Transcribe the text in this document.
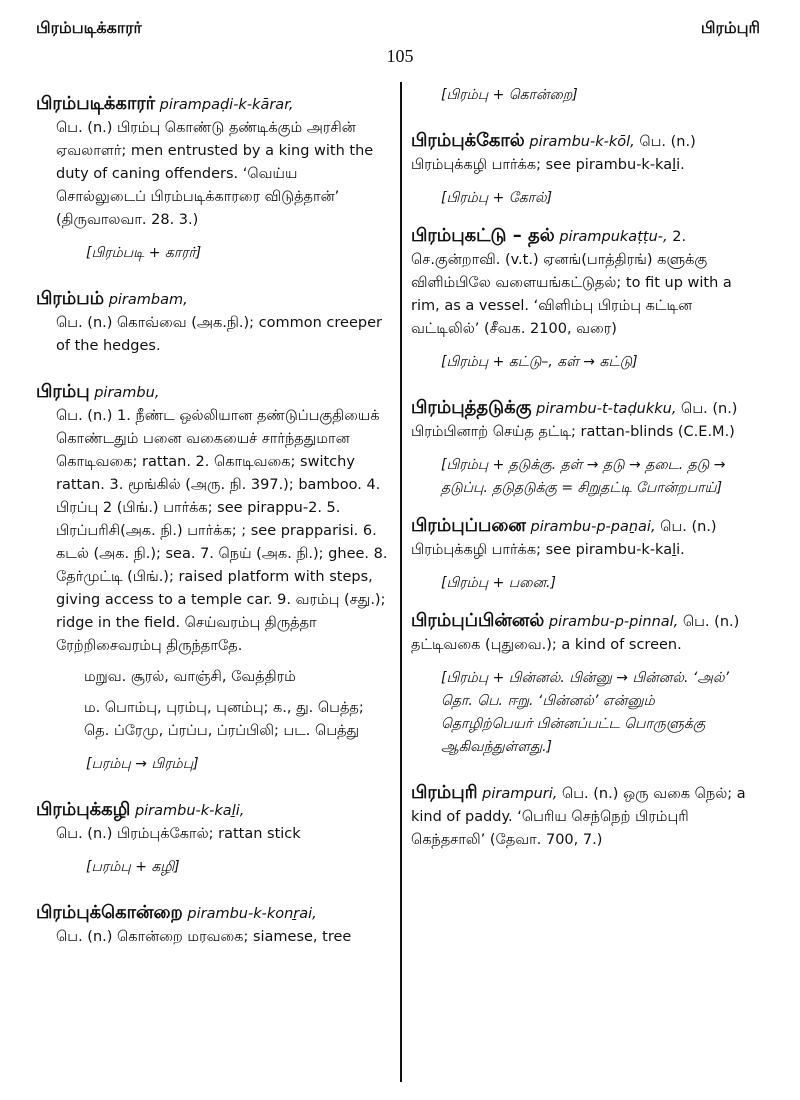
பிரம்படிக்காரர்
105
பிரம்புரி

பிரம்படிக்காரர் pirampaḍi-k-kārar,
பெ. (n.) பிரம்பு கொண்டு தண்டிக்கும் அரசின் ஏவலாளர்; men entrusted by a king with the duty of caning offenders. ‘வெய்ய சொல்லுடைப் பிரம்படிக்காரரை விடுத்தான்’ (திருவாலவா. 28. 3.)

[பிரம்படி + காரர்]

பிரம்பம் pirambam,
பெ. (n.) கொவ்வை (அக.நி.); common creeper of the hedges.

பிரம்பு pirambu,
பெ. (n.) 1. நீண்ட ஒல்லியான தண்டுப்பகுதியைக் கொண்டதும் பனை வகையைச் சார்ந்ததுமான கொடிவகை; rattan. 2. கொடிவகை; switchy rattan. 3. மூங்கில் (அரு. நி. 397.); bamboo. 4. பிரப்பு 2 (பிங்.) பார்க்க; see pirappu-2. 5. பிரப்பரிசி(அக. நி.) பார்க்க; ; see prapparisi. 6. கடல் (அக. நி.); sea. 7. நெய் (அக. நி.); ghee. 8. தேர்முட்டி (பிங்.); raised platform with steps, giving access to a temple car. 9. வரம்பு (சது.); ridge in the field. செய்வரம்பு திருத்தா ரேற்றிசைவரம்பு திருந்தாதே.

மறுவ. சூரல், வாஞ்சி, வேத்திரம்

ம. பொம்பு, புரம்பு, புனம்பு; க., து. பெத்த; தெ. ப்ரேமு, ப்ரப்ப, ப்ரப்பிலி; பட. பெத்து

[பரம்பு → பிரம்பு]

பிரம்புக்கழி pirambu-k-kaḻi,
பெ. (n.) பிரம்புக்கோல்; rattan stick

[பரம்பு + கழி]

பிரம்புக்கொன்றை pirambu-k-konṟai,
பெ. (n.) கொன்றை மரவகை; siamese, tree

[பிரம்பு + கொன்றை]

பிரம்புக்கோல் pirambu-k-kōl, பெ. (n.) பிரம்புக்கழி பார்க்க; see pirambu-k-kaḻi.

[பிரம்பு + கோல்]

பிரம்புகட்டு – தல் pirampukaṭṭu-, 2. செ.குன்றாவி. (v.t.) ஏனங்(பாத்திரங்) களுக்கு விளிம்பிலே வளையங்கட்டுதல்; to fit up with a rim, as a vessel. ‘விளிம்பு பிரம்பு கட்டின வட்டிலில்’ (சீவக. 2100, வரை)

[பிரம்பு + கட்டு–, கள் → கட்டு]

பிரம்புத்தடுக்கு pirambu-t-taḍukku, பெ. (n.) பிரம்பினாற் செய்த தட்டி; rattan-blinds (C.E.M.)

[பிரம்பு + தடுக்கு. தள் → தடு → தடை. தடு → தடுப்பு. தடுதடுக்கு = சிறுதட்டி போன்றபாய்]

பிரம்புப்பனை pirambu-p-paṉai, பெ. (n.) பிரம்புக்கழி பார்க்க; see pirambu-k-kaḻi.

[பிரம்பு + பனை.]

பிரம்புப்பின்னல் pirambu-p-pinnal, பெ. (n.) தட்டிவகை (புதுவை.); a kind of screen.

[பிரம்பு + பின்னல். பின்னு → பின்னல். ‘அல்’ தொ. பெ. ஈறு. ‘பின்னல்’ என்னும் தொழிற்பெயர் பின்னப்பட்ட பொருளுக்கு ஆகிவந்துள்ளது.]

பிரம்புரி pirampuri, பெ. (n.) ஒரு வகை நெல்; a kind of paddy. ‘பெரிய செந்நெற் பிரம்புரி கெந்தசாலி’ (தேவா. 700, 7.)
